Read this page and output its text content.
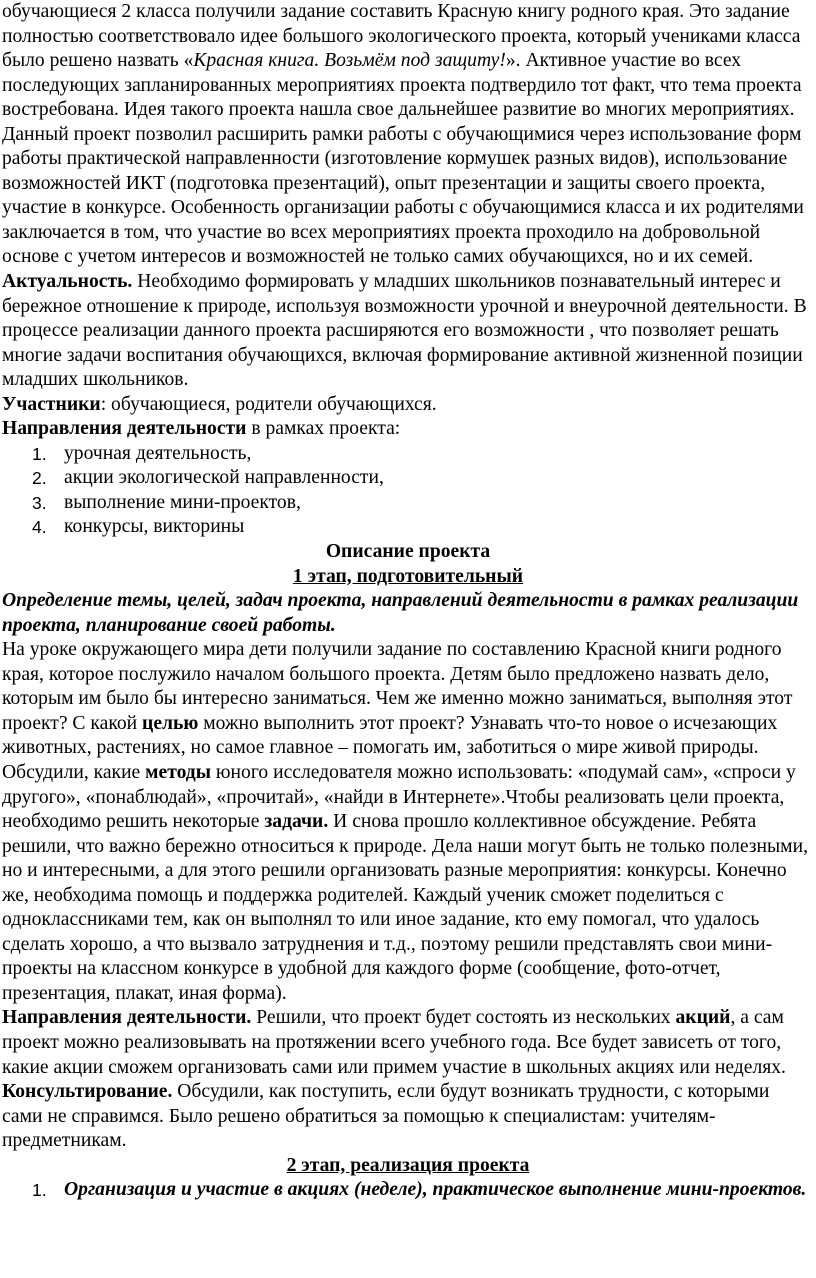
обучающиеся 2 класса получили задание составить Красную книгу родного края. Это задание полностью соответствовало идее большого экологического проекта, который учениками класса было решено назвать «Красная книга. Возьмём под защиту!». Активное участие во всех последующих запланированных мероприятиях проекта подтвердило тот факт, что тема проекта востребована. Идея такого проекта нашла свое дальнейшее развитие во многих мероприятиях. Данный проект позволил расширить рамки работы с обучающимися через использование форм работы практической направленности (изготовление кормушек разных видов), использование возможностей ИКТ (подготовка презентаций), опыт презентации и защиты своего проекта, участие в конкурсе. Особенность организации работы с обучающимися класса и их родителями заключается в том, что участие во всех мероприятиях проекта проходило на добровольной основе с учетом интересов и возможностей не только самих обучающихся, но и их семей.

Актуальность. Необходимо формировать у младших школьников познавательный интерес и бережное отношение к природе, используя возможности урочной и внеурочной деятельности. В процессе реализации данного проекта расширяются его возможности , что позволяет решать многие задачи воспитания обучающихся, включая формирование активной жизненной позиции младших школьников.

Участники: обучающиеся, родители обучающихся.

Направления деятельности в рамках проекта:

1. урочная деятельность,
2. акции экологической направленности,
3. выполнение мини-проектов,
4. конкурсы, викторины

Описание проекта

1 этап, подготовительный

Определение темы, целей, задач проекта, направлений деятельности в рамках реализации проекта, планирование своей работы.

На уроке окружающего мира дети получили задание по составлению Красной книги родного края, которое послужило началом большого проекта. Детям было предложено назвать дело, которым им было бы интересно заниматься. Чем же именно можно заниматься, выполняя этот проект? С какой целью можно выполнить этот проект? Узнавать что-то новое о исчезающих животных, растениях, но самое главное – помогать им, заботиться о мире живой природы. Обсудили, какие методы юного исследователя можно использовать: «подумай сам», «спроси у другого», «понаблюдай», «прочитай», «найди в Интернете».Чтобы реализовать цели проекта, необходимо решить некоторые задачи. И снова прошло коллективное обсуждение. Ребята решили, что важно бережно относиться к природе. Дела наши могут быть не только полезными, но и интересными, а для этого решили организовать разные мероприятия: конкурсы. Конечно же, необходима помощь и поддержка родителей. Каждый ученик сможет поделиться с одноклассниками тем, как он выполнял то или иное задание, кто ему помогал, что удалось сделать хорошо, а что вызвало затруднения и т.д., поэтому решили представлять свои мини-проекты на классном конкурсе в удобной для каждого форме (сообщение, фото-отчет, презентация, плакат, иная форма).

Направления деятельности. Решили, что проект будет состоять из нескольких акций, а сам проект можно реализовывать на протяжении всего учебного года. Все будет зависеть от того, какие акции сможем организовать сами или примем участие в школьных акциях или неделях.

Консультирование. Обсудили, как поступить, если будут возникать трудности, с которыми сами не справимся. Было решено обратиться за помощью к специалистам: учителям-предметникам.

2 этап, реализация проекта

1. Организация и участие в акциях (неделе), практическое выполнение мини-проектов.
